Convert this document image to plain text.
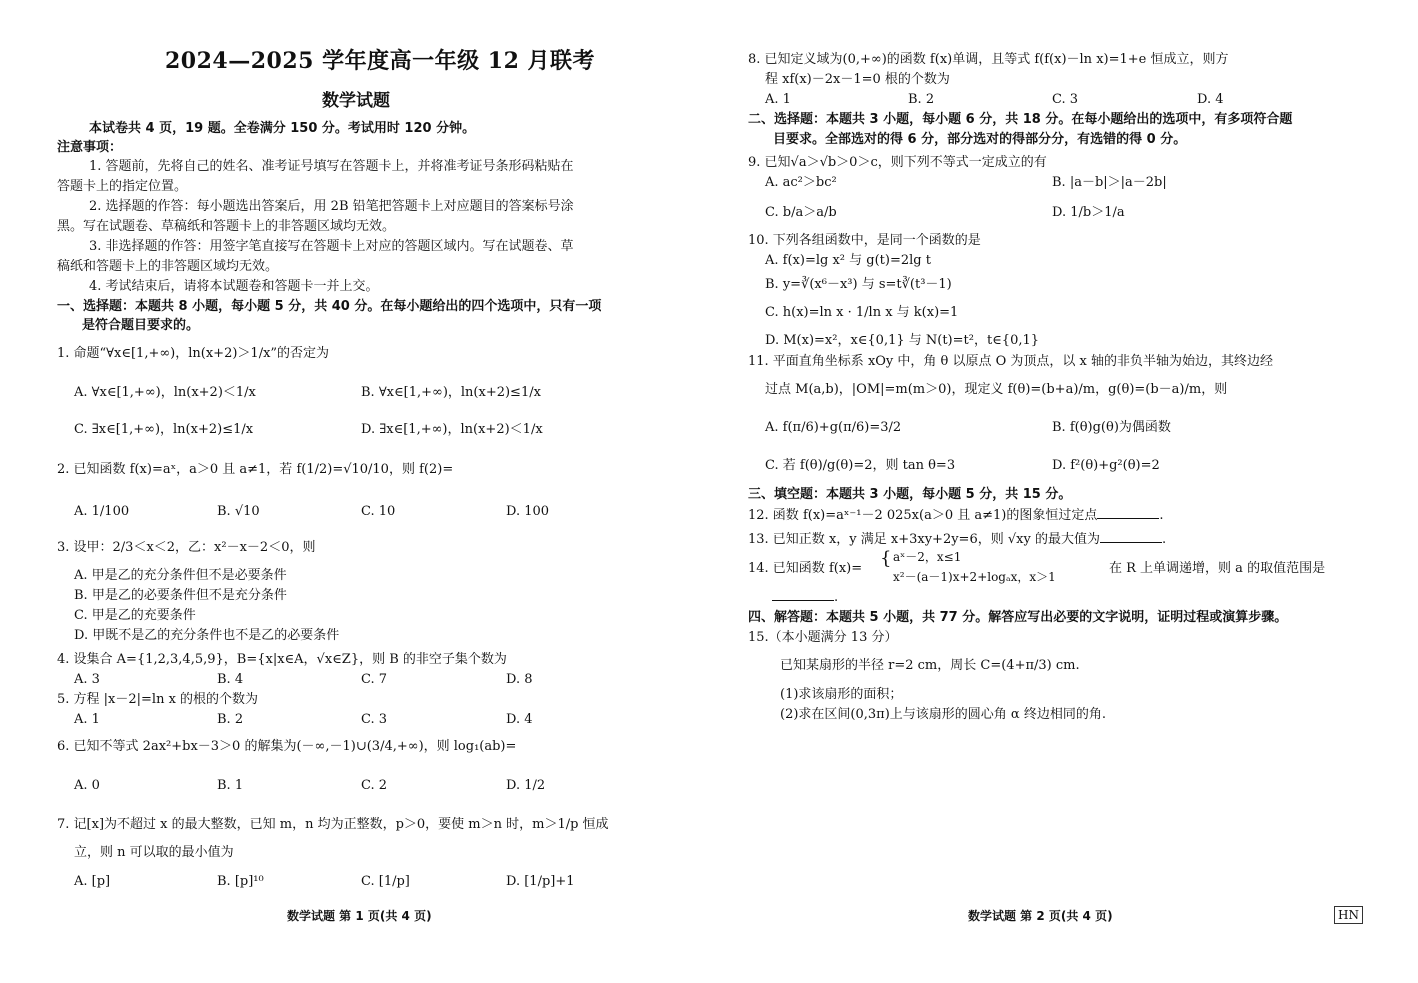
2024—2025 学年度高一年级 12 月联考
数学试题
本试卷共 4 页，19 题。全卷满分 150 分。考试用时 120 分钟。
注意事项：
1. 答题前，先将自己的姓名、准考证号填写在答题卡上，并将准考证号条形码粘贴在
答题卡上的指定位置。
2. 选择题的作答：每小题选出答案后，用 2B 铅笔把答题卡上对应题目的答案标号涂
黑。写在试题卷、草稿纸和答题卡上的非答题区域均无效。
3. 非选择题的作答：用签字笔直接写在答题卡上对应的答题区域内。写在试题卷、草
稿纸和答题卡上的非答题区域均无效。
4. 考试结束后，请将本试题卷和答题卡一并上交。
一、选择题：本题共 8 小题，每小题 5 分，共 40 分。在每小题给出的四个选项中，只有一项
是符合题目要求的。
1. 命题“∀x∈[1,+∞)，ln(x+2)＞1/x”的否定为
A. ∀x∈[1,+∞)，ln(x+2)＜1/x	B. ∀x∈[1,+∞)，ln(x+2)≤1/x
C. ∃x∈[1,+∞)，ln(x+2)≤1/x	D. ∃x∈[1,+∞)，ln(x+2)＜1/x
2. 已知函数 f(x)=aˣ，a＞0 且 a≠1，若 f(1/2)=√10/10，则 f(2)=
A. 1/100	B. √10	C. 10	D. 100
3. 设甲：2/3＜x＜2，乙：x²－x－2＜0，则
A. 甲是乙的充分条件但不是必要条件
B. 甲是乙的必要条件但不是充分条件
C. 甲是乙的充要条件
D. 甲既不是乙的充分条件也不是乙的必要条件
4. 设集合 A={1,2,3,4,5,9}，B={x|x∈A，√x∈Z}，则 B 的非空子集个数为
A. 3	B. 4	C. 7	D. 8
5. 方程 |x－2|=ln x 的根的个数为
A. 1	B. 2	C. 3	D. 4
6. 已知不等式 2ax²+bx－3＞0 的解集为(－∞,－1)∪(3/4,+∞)，则 log₁(ab)=
A. 0	B. 1	C. 2	D. 1/2
7. 记[x]为不超过 x 的最大整数，已知 m，n 均为正整数，p＞0，要使 m＞n 时，m＞1/p 恒成
立，则 n 可以取的最小值为
A. [p]	B. [p]¹⁰	C. [1/p]	D. [1/p]+1
数学试题 第 1 页(共 4 页)
8. 已知定义域为(0,+∞)的函数 f(x)单调，且等式 f(f(x)－ln x)=1+e 恒成立，则方
程 xf(x)－2x－1=0 根的个数为
A. 1	B. 2	C. 3	D. 4
二、选择题：本题共 3 小题，每小题 6 分，共 18 分。在每小题给出的选项中，有多项符合题
目要求。全部选对的得 6 分，部分选对的得部分分，有选错的得 0 分。
9. 已知√a＞√b＞0＞c，则下列不等式一定成立的有
A. ac²＞bc²	B. |a－b|＞|a－2b|
C. b/a＞a/b	D. 1/b＞1/a
10. 下列各组函数中，是同一个函数的是
A. f(x)=lg x² 与 g(t)=2lg t
B. y=∛(x⁶－x³) 与 s=t∛(t³－1)
C. h(x)=ln x · 1/ln x 与 k(x)=1
D. M(x)=x²，x∈{0,1} 与 N(t)=t²，t∈{0,1}
11. 平面直角坐标系 xOy 中，角 θ 以原点 O 为顶点，以 x 轴的非负半轴为始边，其终边经
过点 M(a,b)，|OM|=m(m＞0)，现定义 f(θ)=(b+a)/m，g(θ)=(b－a)/m，则
A. f(π/6)+g(π/6)=3/2	B. f(θ)g(θ)为偶函数
C. 若 f(θ)/g(θ)=2，则 tan θ=3	D. f²(θ)+g²(θ)=2
三、填空题：本题共 3 小题，每小题 5 分，共 15 分。
12. 函数 f(x)=aˣ⁻¹－2 025x(a＞0 且 a≠1)的图象恒过定点	.
13. 已知正数 x，y 满足 x+3xy+2y=6，则 √xy 的最大值为	.
14. 已知函数 f(x)= { aˣ－2，x≤1
x²－(a－1)x+2+logₐx，x＞1
在 R 上单调递增，则 a 的取值范围是
.
四、解答题：本题共 5 小题，共 77 分。解答应写出必要的文字说明，证明过程或演算步骤。
15.（本小题满分 13 分）
已知某扇形的半径 r=2 cm，周长 C=(4+π/3) cm.
(1)求该扇形的面积；
(2)求在区间(0,3π)上与该扇形的圆心角 α 终边相同的角.
数学试题 第 2 页(共 4 页)	HN
